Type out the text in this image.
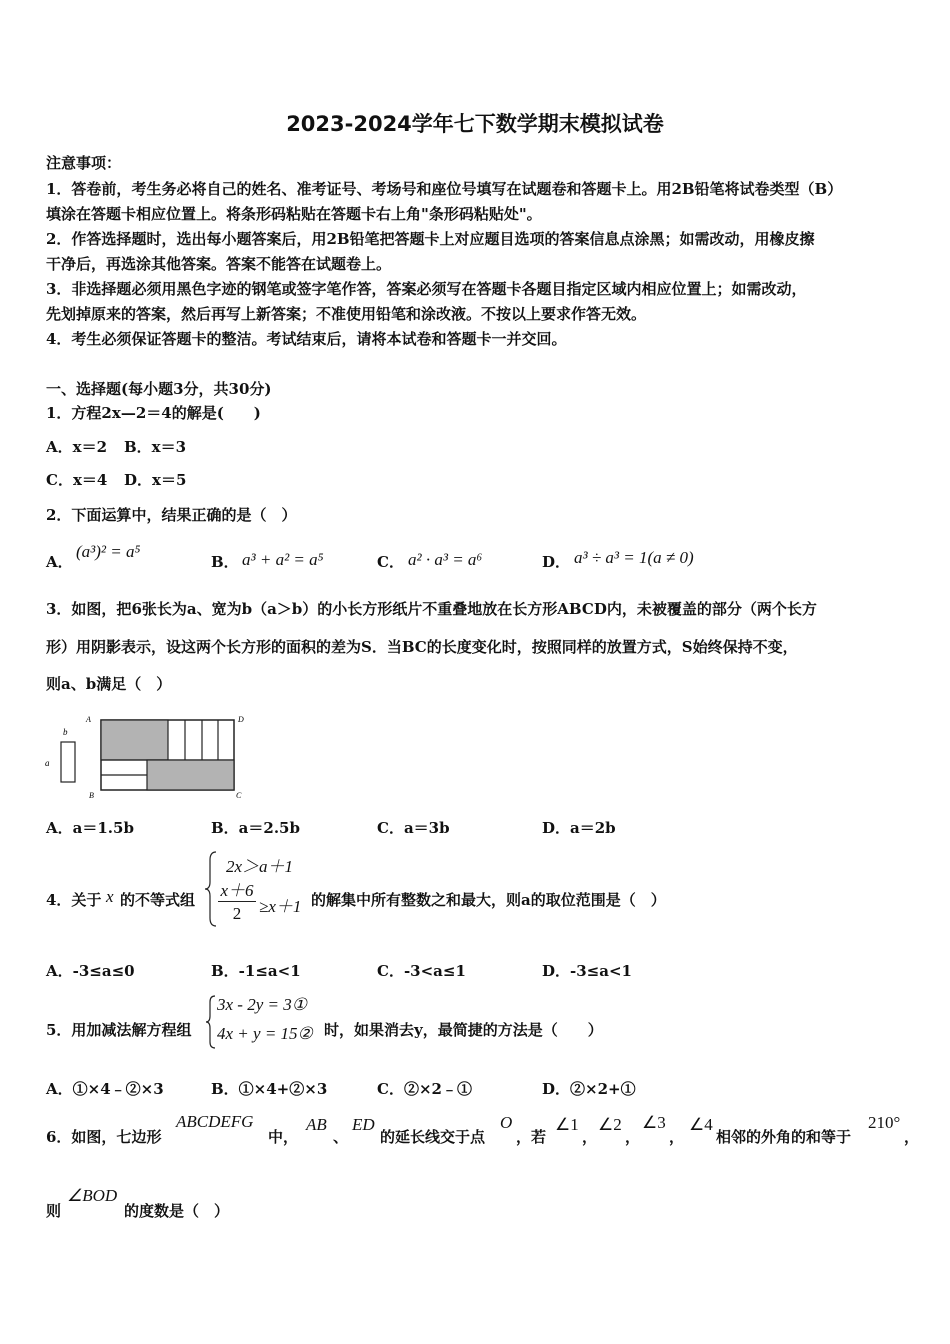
2023-2024学年七下数学期末模拟试卷
注意事项：
1．答卷前，考生务必将自己的姓名、准考证号、考场号和座位号填写在试题卷和答题卡上。用2B铅笔将试卷类型（B）
填涂在答题卡相应位置上。将条形码粘贴在答题卡右上角"条形码粘贴处"。
2．作答选择题时，选出每小题答案后，用2B铅笔把答题卡上对应题目选项的答案信息点涂黑；如需改动，用橡皮擦
干净后，再选涂其他答案。答案不能答在试题卷上。
3．非选择题必须用黑色字迹的钢笔或签字笔作答，答案必须写在答题卡各题目指定区域内相应位置上；如需改动，
先划掉原来的答案，然后再写上新答案；不准使用铅笔和涂改液。不按以上要求作答无效。
4．考生必须保证答题卡的整洁。考试结束后，请将本试卷和答题卡一并交回。
一、选择题(每小题3分，共30分)
1．方程2x—2＝4的解是(　　)
A．x＝2 B．x＝3
C．x＝4 D．x＝5
2．下面运算中，结果正确的是（　）
A．
(a³)² = a⁵
B． a³ + a² = a⁵	C． a² · a³ = a⁶	D． a³ ÷ a³ = 1(a ≠ 0)
3．如图，把6张长为a、宽为b（a＞b）的小长方形纸片不重叠地放在长方形ABCD内，未被覆盖的部分（两个长方
形）用阴影表示，设这两个长方形的面积的差为S．当BC的长度变化时，按照同样的放置方式，S始终保持不变，
则a、b满足（　）
b
a
A	D
B	C
A．a＝1.5b	B．a＝2.5b	C．a＝3b	D．a＝2b
4．关于 x 的不等式组
2x＞a＋1
x＋6
2	≥x＋1 的解集中所有整数之和最大，则a的取位范围是（　）
A．-3≤a≤0	B．-1≤a<1	C．-3<a≤1	D．-3≤a<1
5．用加减法解方程组
3x - 2y = 3①
4x + y = 15② 时，如果消去y，最简捷的方法是（　　）
A．①×4﹣②×3	B．①×4+②×3	C．②×2﹣①	D．②×2+①
6．如图，七边形
ABCDEFG
中，
AB
、
ED
的延长线交于点
O
，若
∠1
，
∠2
，
∠3
，
∠4
相邻的外角的和等于
210°
，
则
∠BOD
的度数是（　）
